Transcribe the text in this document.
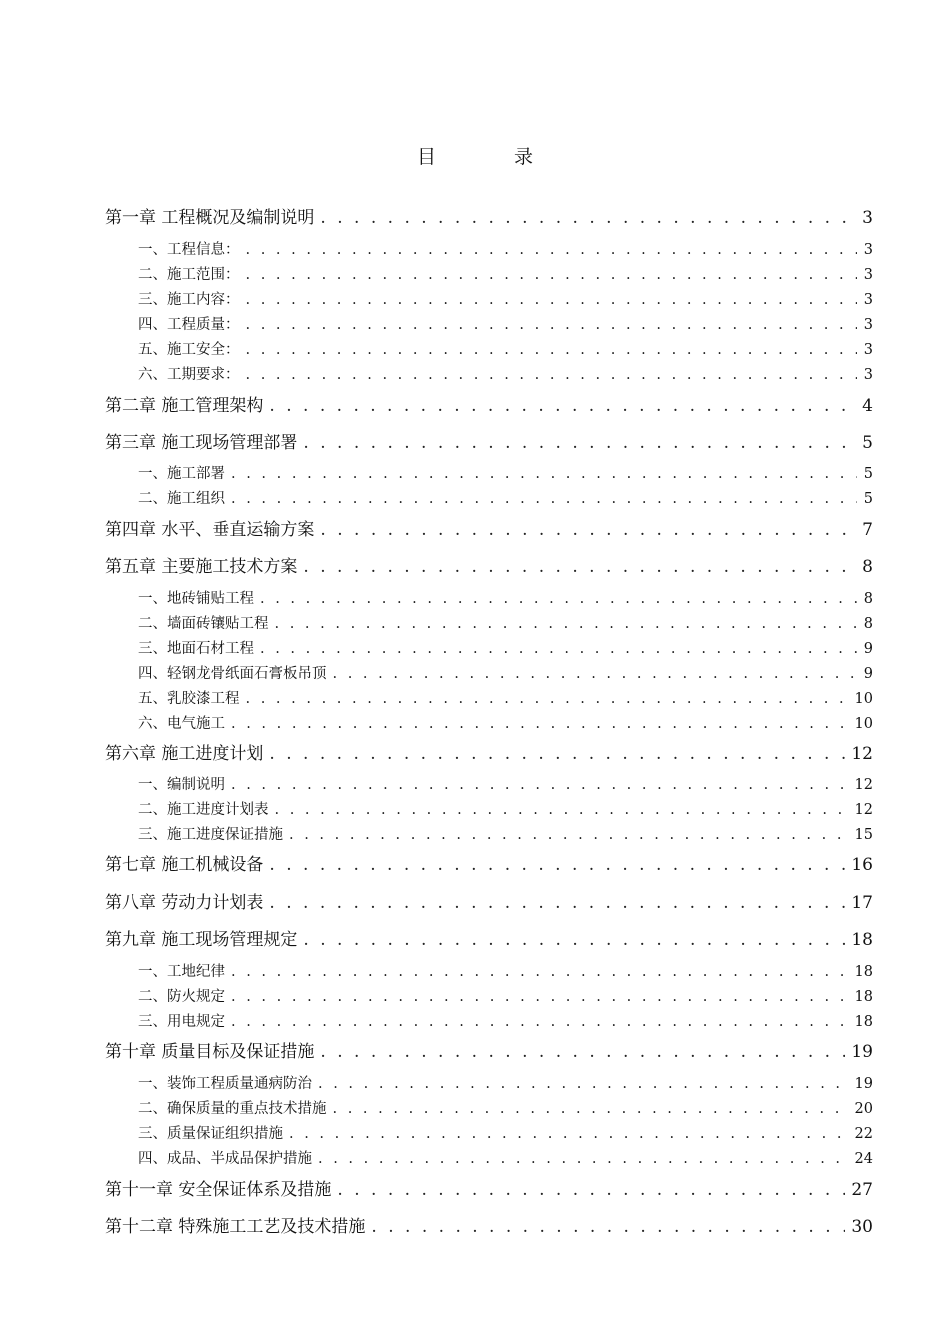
目 录
第一章 工程概况及编制说明 . . .	3
一、工程信息： . . .	3
二、施工范围： . . .	3
三、施工内容： . . .	3
四、工程质量： . . .	3
五、施工安全： . . .	3
六、工期要求： . . .	3
第二章 施工管理架构 . . .	4
第三章 施工现场管理部署 . . .	5
一、施工部署 . . .	5
二、施工组织 . . .	5
第四章 水平、垂直运输方案 . . .	7
第五章 主要施工技术方案 . . .	8
一、地砖铺贴工程 . . .	8
二、墙面砖镶贴工程 . . .	8
三、地面石材工程 . . .	9
四、轻钢龙骨纸面石膏板吊顶 . . .	9
五、乳胶漆工程 . . .	10
六、电气施工 . . .	10
第六章 施工进度计划 . . .	12
一、编制说明 . . .	12
二、施工进度计划表 . . .	12
三、施工进度保证措施 . . .	15
第七章 施工机械设备 . . .	16
第八章 劳动力计划表 . . .	17
第九章 施工现场管理规定 . . .	18
一、工地纪律 . . .	18
二、防火规定 . . .	18
三、用电规定 . . .	18
第十章 质量目标及保证措施 . . .	19
一、装饰工程质量通病防治 . . .	19
二、确保质量的重点技术措施 . . .	20
三、质量保证组织措施 . . .	22
四、成品、半成品保护措施 . . .	24
第十一章 安全保证体系及措施 . . .	27
第十二章 特殊施工工艺及技术措施 . . .	30
